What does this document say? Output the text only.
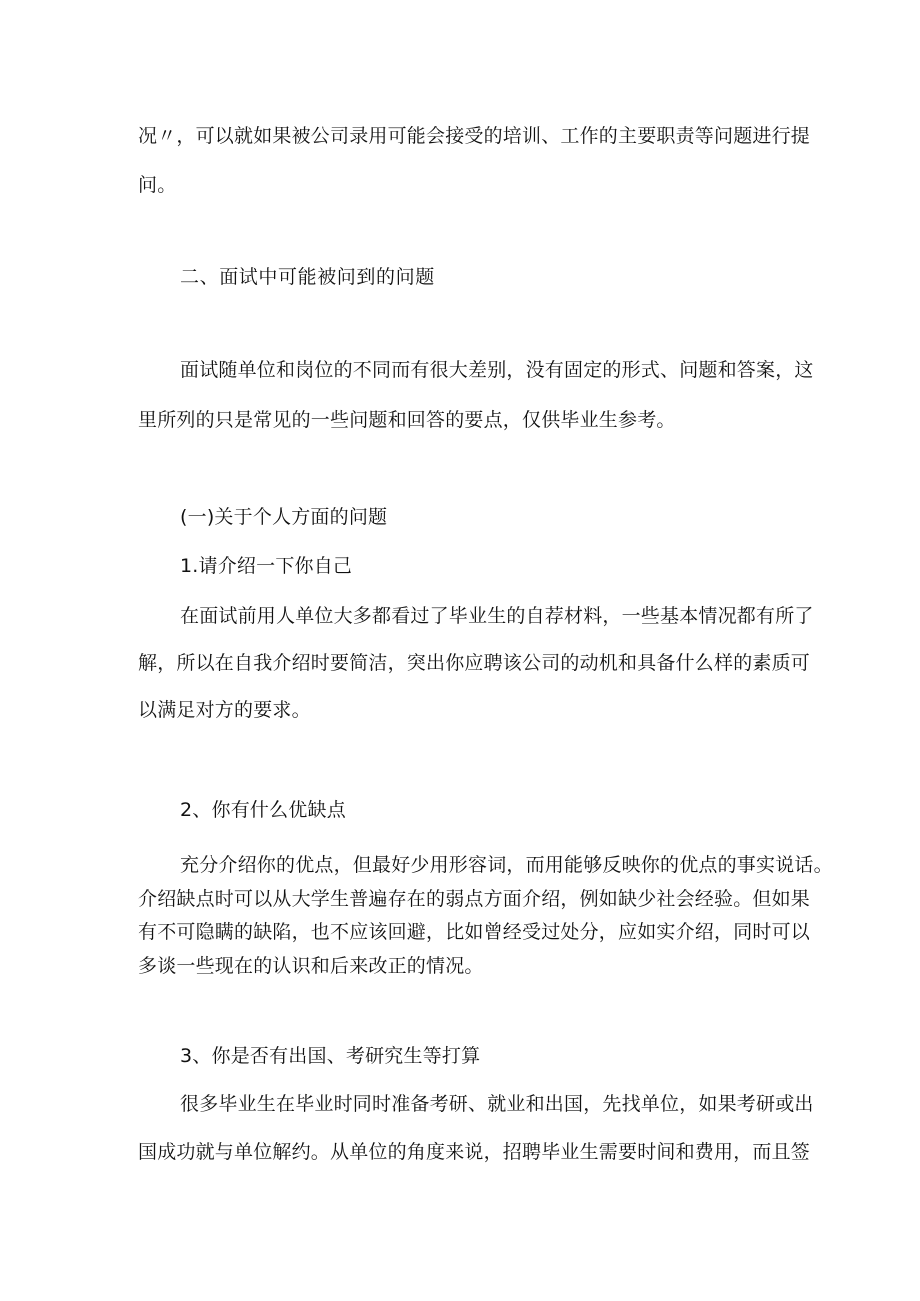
况〃，可以就如果被公司录用可能会接受的培训、工作的主要职责等问题进行提
问。
二、面试中可能被问到的问题
面试随单位和岗位的不同而有很大差别，没有固定的形式、问题和答案，这
里所列的只是常见的一些问题和回答的要点，仅供毕业生参考。
(一)关于个人方面的问题
1.请介绍一下你自己
在面试前用人单位大多都看过了毕业生的自荐材料，一些基本情况都有所了
解，所以在自我介绍时要简洁，突出你应聘该公司的动机和具备什么样的素质可
以满足对方的要求。
2、你有什么优缺点
充分介绍你的优点，但最好少用形容词，而用能够反映你的优点的事实说话。
介绍缺点时可以从大学生普遍存在的弱点方面介绍，例如缺少社会经验。但如果
有不可隐瞒的缺陷，也不应该回避，比如曾经受过处分，应如实介绍，同时可以
多谈一些现在的认识和后来改正的情况。
3、你是否有出国、考研究生等打算
很多毕业生在毕业时同时准备考研、就业和出国，先找单位，如果考研或出
国成功就与单位解约。从单位的角度来说，招聘毕业生需要时间和费用，而且签
